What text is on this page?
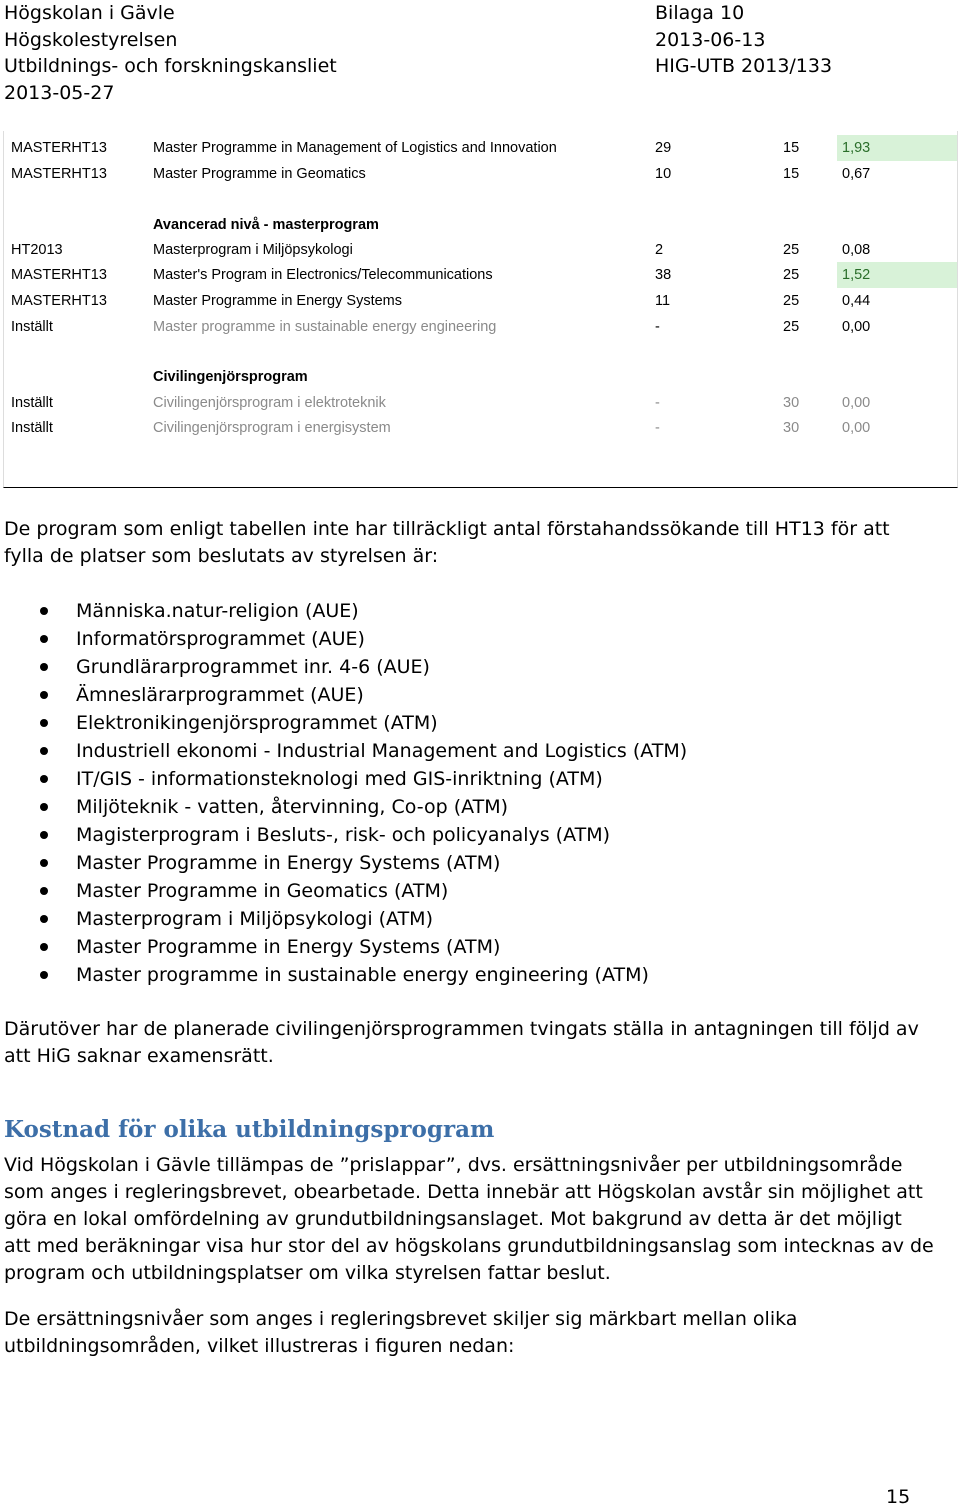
Högskolan i Gävle
Högskolestyrelsen
Utbildnings- och forskningskansliet
2013-05-27
Bilaga 10
2013-06-13
HIG-UTB 2013/133
MASTERHT13	Master Programme in Management of Logistics and Innovation	29	15	1,93
MASTERHT13	Master Programme in Geomatics	10	15	0,67
Avancerad nivå - masterprogram
HT2013	Masterprogram i Miljöpsykologi	2	25	0,08
MASTERHT13	Master's Program in Electronics/Telecommunications	38	25	1,52
MASTERHT13	Master Programme in Energy Systems	11	25	0,44
Inställt	Master programme in sustainable energy engineering	-	25	0,00
Civilingenjörsprogram
Inställt	Civilingenjörsprogram i elektroteknik	-	30	0,00
Inställt	Civilingenjörsprogram i energisystem	-	30	0,00
De program som enligt tabellen inte har tillräckligt antal förstahandssökande till HT13 för att fylla de platser som beslutats av styrelsen är:
Människa.natur-religion (AUE)
Informatörsprogrammet (AUE)
Grundlärarprogrammet inr. 4-6 (AUE)
Ämneslärarprogrammet (AUE)
Elektronikingenjörsprogrammet (ATM)
Industriell ekonomi - Industrial Management and Logistics (ATM)
IT/GIS - informationsteknologi med GIS-inriktning (ATM)
Miljöteknik - vatten, återvinning, Co-op (ATM)
Magisterprogram i Besluts-, risk- och policyanalys (ATM)
Master Programme in Energy Systems (ATM)
Master Programme in Geomatics (ATM)
Masterprogram i Miljöpsykologi (ATM)
Master Programme in Energy Systems (ATM)
Master programme in sustainable energy engineering (ATM)
Därutöver har de planerade civilingenjörsprogrammen tvingats ställa in antagningen till följd av att HiG saknar examensrätt.
Kostnad för olika utbildningsprogram
Vid Högskolan i Gävle tillämpas de ”prislappar”, dvs. ersättningsnivåer per utbildningsområde som anges i regleringsbrevet, obearbetade. Detta innebär att Högskolan avstår sin möjlighet att göra en lokal omfördelning av grundutbildningsanslaget. Mot bakgrund av detta är det möjligt att med beräkningar visa hur stor del av högskolans grundutbildningsanslag som intecknas av de program och utbildningsplatser om vilka styrelsen fattar beslut.
De ersättningsnivåer som anges i regleringsbrevet skiljer sig märkbart mellan olika utbildningsområden, vilket illustreras i figuren nedan:
15
